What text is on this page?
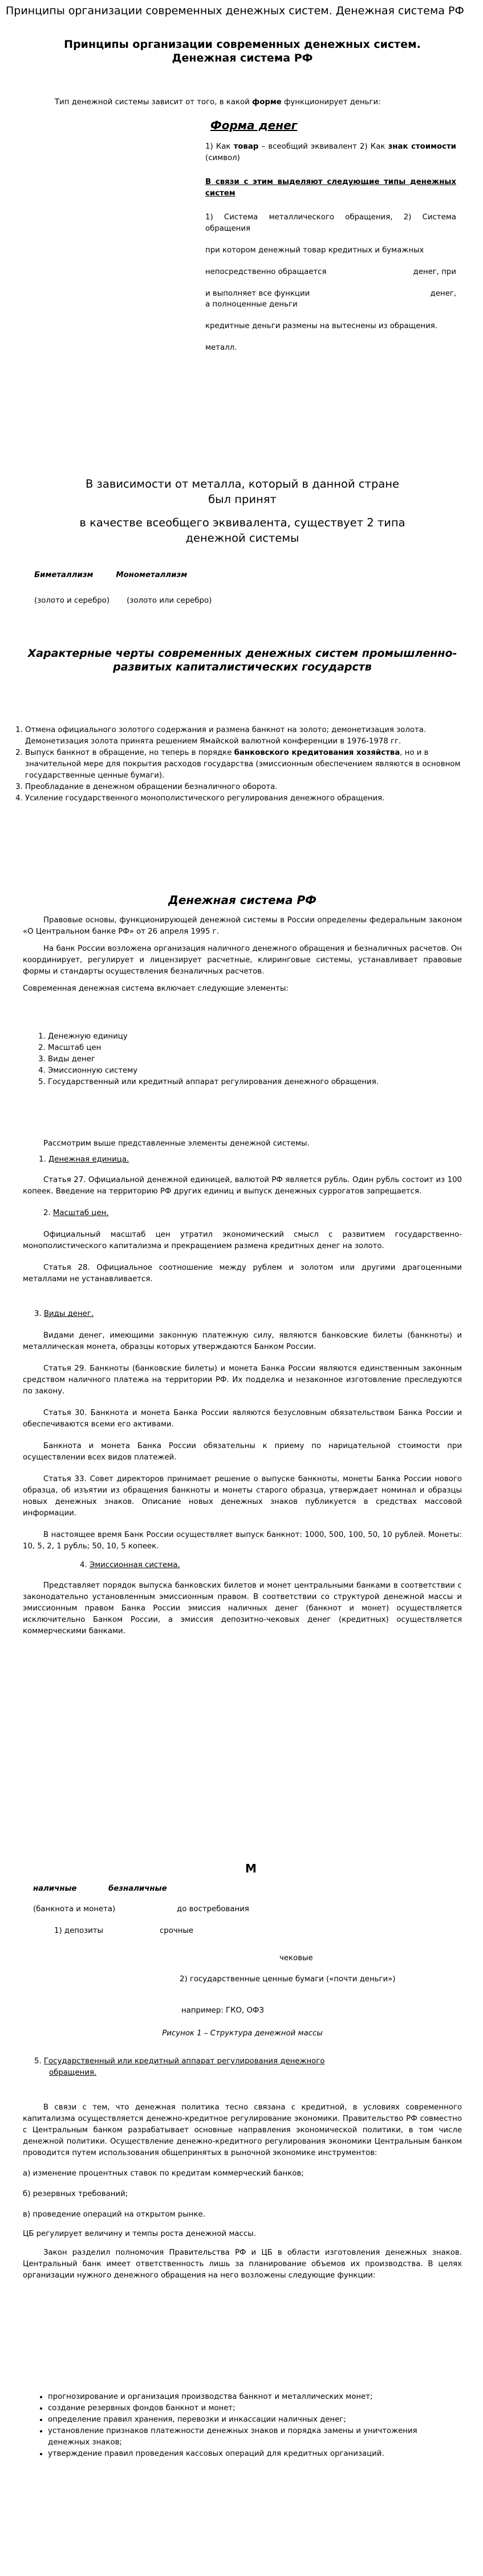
Принципы организации современных денежных систем. Денежная система РФ
Принципы организации современных денежных систем. Денежная система РФ

Тип денежной системы зависит от того, в какой форме функционирует деньги:

Форма денег

1) Как товар – всеобщий эквивалент 2) Как знак стоимости (символ)

В связи с этим выделяют следующие типы денежных систем

1) Система металлического обращения, 2) Система обращения

при котором денежный товар кредитных и бумажных

непосредственно обращается	денег, при

и выполняет все функции	денег,

а полноценные деньги

кредитные деньги размены на вытеснены из обращения.

металл.

В зависимости от металла, который в данной стране был принят

в качестве всеобщего эквивалента, существует 2 типа денежной системы

Биметаллизм	Монометаллизм
(золото и серебро) (золото или серебро)
Характерные черты современных денежных систем промышленно-развитых капиталистических государств
1. Отмена официального золотого содержания и размена банкнот на золото; демонетизация золота. Демонетизация золота принята решением Ямайской валютной конференции в 1976-1978 гг.
2. Выпуск банкнот в обращение, но теперь в порядке банковского кредитования хозяйства, но и в значительной мере для покрытия расходов государства (эмиссионным обеспечением являются в основном государственные ценные бумаги).
3. Преобладание в денежном обращении безналичного оборота.
4. Усиление государственного монополистического регулирования денежного обращения.
Денежная система РФ

Правовые основы, функционирующей денежной системы в России определены федеральным законом «О Центральном банке РФ» от 26 апреля 1995 г.

На банк России возложена организация наличного денежного обращения и безналичных расчетов. Он координирует, регулирует и лицензирует расчетные, клиринговые системы, устанавливает правовые формы и стандарты осуществления безналичных расчетов.

Современная денежная система включает следующие элементы:

1. Денежную единицу
2. Масштаб цен
3. Виды денег
4. Эмиссионную систему
5. Государственный или кредитный аппарат регулирования денежного обращения.

Рассмотрим выше представленные элементы денежной системы.

1. Денежная единица.

Статья 27. Официальной денежной единицей, валютой РФ является рубль. Один рубль состоит из 100 копеек. Введение на территорию РФ других единиц и выпуск денежных суррогатов запрещается.

2. Масштаб цен.

Официальный масштаб цен утратил экономический смысл с развитием государственно-монополистического капитализма и прекращением размена кредитных денег на золото.

Статья 28. Официальное соотношение между рублем и золотом или другими драгоценными металлами не устанавливается.

3. Виды денег.

Видами денег, имеющими законную платежную силу, являются банковские билеты (банкноты) и металлическая монета, образцы которых утверждаются Банком России.

Статья 29. Банкноты (банковские билеты) и монета Банка России являются единственным законным средством наличного платежа на территории РФ. Их подделка и незаконное изготовление преследуются по закону.

Статья 30. Банкнота и монета Банка России являются безусловным обязательством Банка России и обеспечиваются всеми его активами.

Банкнота и монета Банка России обязательны к приему по нарицательной стоимости при осуществлении всех видов платежей.

Статья 33. Совет директоров принимает решение о выпуске банкноты, монеты Банка России нового образца, об изъятии из обращения банкноты и монеты старого образца, утверждает номинал и образцы новых денежных знаков. Описание новых денежных знаков публикуется в средствах массовой информации.

В настоящее время Банк России осуществляет выпуск банкнот: 1000, 500, 100, 50, 10 рублей. Монеты: 10, 5, 2, 1 рубль; 50, 10, 5 копеек.

4. Эмиссионная система.

Представляет порядок выпуска банковских билетов и монет центральными банками в соответствии с законодательно установленным эмиссионным правом. В соответствии со структурой денежной массы и эмиссионным правом Банка России эмиссия наличных денег (банкнот и монет) осуществляется исключительно Банком России, а эмиссия депозитно-чековых денег (кредитных) осуществляется коммерческими банками.

М
наличные	безналичные
(банкнота и монета)	до востребования
1) депозиты	срочные
чековые
2) государственные ценные бумаги («почти деньги»)
например: ГКО, ОФЗ
Рисунок 1 – Структура денежной массы

5. Государственный или кредитный аппарат регулирования денежного обращения.

В связи с тем, что денежная политика тесно связана с кредитной, в условиях современного капитализма осуществляется денежно-кредитное регулирование экономики. Правительство РФ совместно с Центральным банком разрабатывает основные направления экономической политики, в том числе денежной политики. Осуществление денежно-кредитного регулирования экономики Центральным банком проводится путем использования общепринятых в рыночной экономике инструментов:

а) изменение процентных ставок по кредитам коммерческий банков;

б) резервных требований;

в) проведение операций на открытом рынке.

ЦБ регулирует величину и темпы роста денежной массы.

Закон разделил полномочия Правительства РФ и ЦБ в области изготовления денежных знаков. Центральный банк имеет ответственность лишь за планирование объемов их производства. В целях организации нужного денежного обращения на него возложены следующие функции:

• прогнозирование и организация производства банкнот и металлических монет;
• создание резервных фондов банкнот и монет;
• определение правил хранения, перевозки и инкассации наличных денег;
• установление признаков платежности денежных знаков и порядка замены и уничтожения денежных знаков;
• утверждение правил проведения кассовых операций для кредитных организаций.
